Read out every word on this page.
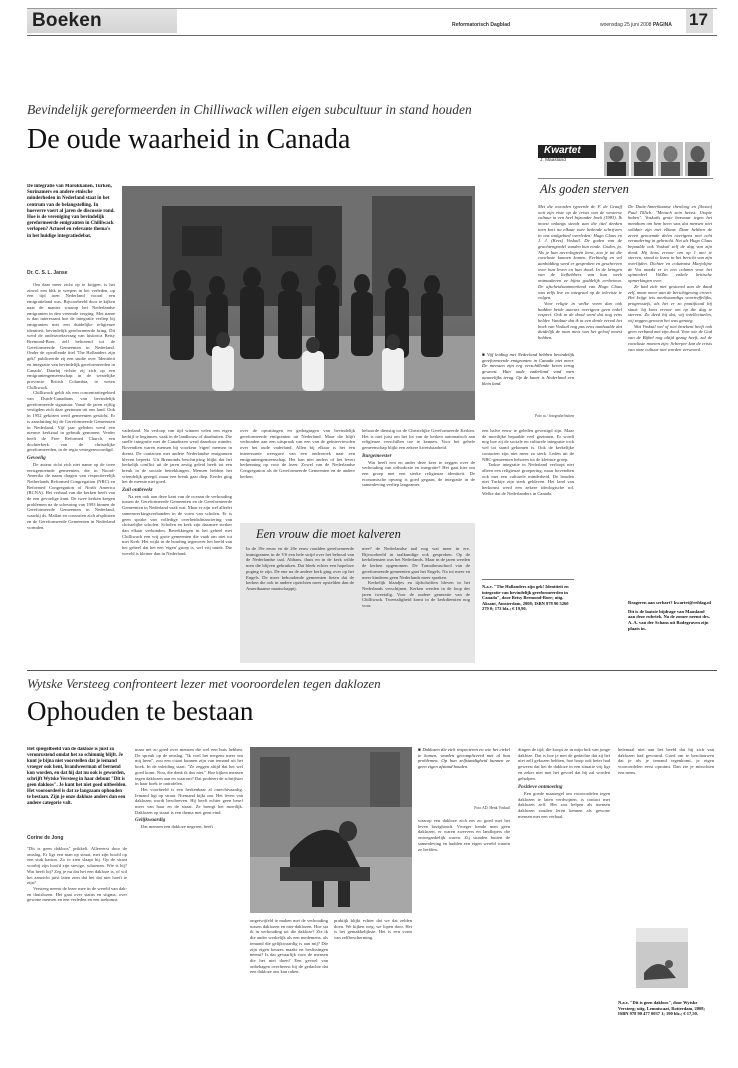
Boeken	Reformatorisch Dagblad	woensdag 25 juni 2008 PAGINA 17
Bevindelijk gereformeerden in Chilliwack willen eigen subcultuur in stand houden
De oude waarheid in Canada
De integratie van Marokkanen, Turken, Surinamers en andere etnische minderheden in Nederland staat in het centrum van de belangstelling. In hoeverre voert al jaren de discussie rond. Hoe is de vereniging van bevindelijk gereformeerde emigranten in Chilliwack verlopen? Actueel en relevante thema's in het huidige integratiedebat.
Dr. C. S. L. Janse

Om daar meer zicht op te krijgen, is het zinvol een blik te werpen in het verleden, op een tijd toen Nederland vooral een emigratieland was. Bijvoorbeeld door te kijken naar de manier waarop het Nederlandse emigranten in den vreemde verging. Met name is dan interessant hoe de integratie verliep bij emigranten met een duidelijke religieuze identiteit, bevindelijk gereformeerde kring. Dit werd de onderzoeksvraag van historica Betsy Bremond-Boer, zelf behorend tot de Gereformeerde Gemeenten in Nederland. Onder de opvallende titel 'The Hollanders zijn gek!' publiceerde zij een studie over 'Identiteit en integratie van bevindelijk gereformeerden in Canada'. Daarbij richtte zij zich op een emigrantengemeenschap in de westelijke provincie British Columbia, te weten Chilliwack.

Chilliwack geldt als een concentratiegebied van Dutch-Canadians van bevindelijk gereformeerde signatuur. Vanaf de jaren vijftig vestigden zich daar gezinnen uit ons land. Ook in 1952 gekozen werd gemeenten gesticht. Er is aansluiting bij de Gereformeerde Gemeenten in Nederland. Vijf jaar geleden werd een nieuwe kerkzaal in gebruik genomen. Verder heeft de Free Reformed Church, een dochterkerk van de christelijke gereformeerden, in de regio vertegenwoordigd.

Gevoelig

De auteur richt zich niet name op de twee eerstgenoemde gemeenten, die in Noord-Amerika de naam dragen van respectievelijk Netherlands Reformed Congregation (NRC) en Reformed Congregation of North America (RCNA). Het verhaal van die kerken heeft van de een gevoelige kant. De twee kerken kregen problemen na de scheuring van 1993 binnen de Gereformeerde Gemeenten in Nederland, waarbij ds. Mallan en consorten zich afsplitsten en de Gereformeerde Gemeenten in Nederland vormden.

■ Vijf leiding met Nederland hebben bevindelijk gereformeerde emigranten in Canada niet meer. De meesten zijn erg verschillende keren terug geweest. Hun oude vaderland vind men nauwelijks terug. Op de kaart is Nederland een klein land.
Foto at / fotografie buiten

vaderland. Na verloop van tijd winnen velen een eigen bedrijf te beginnen, vaak in de landbouw of daarbuiten. Die snelle integratie met de Canadezen werd daardoor minder. Bovendien waren mensen bij voorkeur 'eigen' mensen in dienst. De contacten met andere Nederlandse emigranten bleven beperkt. Uit Bremonds beschrijving blijkt dat het kerkelijk conflict uit de jaren zestig geleid heeft tot een breuk in de sociale betrekkingen. Mensen hebben het vriendelijk gezegd, maar een breuk gaat diep. Eerder ging het de meeste niet goed.

Zuil ontbreekt

Na een ook aan deze kant van de oceaan de verhouding tussen de Gereformeerde Gemeenten en de Gereformeerde Gemeenten in Nederland vaak wat. Maar er zijn wel allerlei samenwerkingsverbanden in de vorm van scholen. Er is geen sprake van volledige overheidsfinanciering van christelijke scholen. Scholen en kerk zijn daarmee sterker dan elkaar verbonden. Betrekkingen in het geheel met Chilliwack een vrij grote gemeenten die vaak om niet tot met Kerk. Het wijkt in de houding tegenover het beeld van het geheel dat het een 'eigen' groep is, wel vrij uniek. Die wereld is kleiner dan in Nederland.

over de opvattingen en gedragingen van bevindelijk gereformeerde emigranten uit Nederland. Maar die blijft verbonden aan een uitspraak van een van de geïnterviewden over het oude vaderland. Allen bij elkaar is het een interessante weergave van een onderzoek naar een emigrantengemeenschap. Het kan niet anders of het levert herkenning op voor de lezer. Zowel van de Nederlandse Congregation als de Gereformeerde Gemeenten en de andere kerken.

behoorde dienstig tot de Christelijke Gereformeerde Kerken. Het is niet juist om het lot van de kerken automatisch aan religieuze verschillen toe te kennen. Voor het gehele gemeenschap blijkt een zekere kwetsbaarheid.

Burgemeester

Wat heeft een en ander deze keer te zeggen over de verhouding van orthodoxie en integratie? Het gaat hier om een groep met een sterke religieuze identiteit. De economische opvang is goed gegaan, de integratie in de samenleving verliep langzamer.

Een vrouw die moet kalveren
In de 19e eeuw en de 20e eeuw rondden gereformeerde immigranten in de VS een hele strijd over het behoud van de Nederlandse taal. Althans, thuis en in de kerk wilde men die blijven gebruiken. Dat bleek echter een hopeloze poging te zijn. De ene na de andere kerk ging over op het Engels. De meer behoudende gemeenten lieten dat de kerken die ook in andere opzichten meer opstelden dan de Amerikaanse maatschappij.

mee? de Nederlandse taal nog wat meer in ere. Bijvoorbeeld in taalkundige ook gesproken. Op de kerkdiensten was het Nederlands. Maar in de jaren werden de kerken opgenomen. De Tomotheuschool van de gereformeerde gemeenten gaat het Engels. Na tot meer en meer kinderen geen Nederlands meer spraken.

Kerkelijk blaadjes en tijdschriften bleven in het Nederlands verschijnen. Kerken werden in de loop der jaren tweetalig. Voor de oudere generatie van de Chilliwack. Tweetaligheid komt in de kerkdiensten nog voor.

een halve eeuw te geleden gevestigd zijn. Maar de moeilijke bepaalde veel gezinnen. Er wordt nog hoe zij de sociale en culturele integratie toch wel tot stand gekomen is. Ook de kerkelijke contacten zijn niet meer zo sterk. Leden uit de NRC-gemeenten behoren tot de kleinste groep.

Tarkse integratie in Nederland verloopt niet alleen een religieuze groepering, maar bovendien ook met een culturele minderheid. De houden niet Turkije zijn sterk gebleven. Het land van herkomst werd een zekere ideologische rol. Welke dat de Nederlanders in Canada.

N.a.v. "The Hollanders zijn gek! Identiteit en integratie van bevindelijk gereformeerden in Canada", door Betsy Bremond-Boer; uitg. Aksant, Amsterdam, 2008; ISBN 978 90 5260 279 0; 173 blz.; € 19,90.
Kwartet
J. Maasland
Als goden sterven

Met die woorden typeerde dr. F. de Graaff ooit zijn visie op de crisis van de westerse cultuur in een heel bijzonder boek (1983). Ik moest onlangs steeds aan die titel denken toen kort na elkaar twee bekende schrijvers in ons taalgebied overleden: Hugo Claus en J. J. (Kees) Voskuil. De goden van de grachtengordel vanden hun einde. Goden, ja. Als je hun necrologieën leest, zou je tot die conclusie kunnen komen. Eerbiedig en vol aanbidding werd er gesproken en geschreven over hun leven en hun dood. In de kringen van de liefhebbers van hun werk ontmaskeren ze bijna goddelijk eerbetoon. De afscheidsaanmerkend van Hugo Claus was zelfs live en integraal op de televisie te volgen.

Voor religie in welke vorm dan ook hadden beide auteurs overigens geen enkel respect. Ook in de dood werd dat nog eens helder. Vandaar dat ik in een derde verval het boek van Voskuil nog pas eens aanhaalde dat duidelijk de man niets van het geloof moest hebben.

De Duits-Amerikaanse theoloog en filosoof Paul Tillich: "Mensch sein heisst: Utopie haben". Voskuils grote bezwaar tegen het mendiom om hem heen was dat mensen niet solidair zijn met elkaar. Daar hebben de zeven genoemde delen overigens niet echt verandering in gebracht. Net als Hugo Claus bepaalde ook Voskuil zelf de dag van zijn dood. Hij koos ervoor om op 1 mei te sterven, stond te lezen in het bericht van zijn overlijden. Dichter en columnist Marjolijne de Vos maakt er in een column voor het opiniedeel VolZin enkele kritische opmerkingen over.

Ze had zich niet gestoord aan de daad zelf, maar meer aan de berichtgeving erover. Het krijgt iets merkwaardigs voortreffelijks, progressiefs, als het er zo pontificaal bij staat: hij koos ervoor om op die dag te sterven. Zo deed hij dat, wij intellectuelen, wij zeggen gewoon het was genoeg.

Wat Voskuil wel of niet betekent heeft ook geen verband met zijn dood. Voor wie de God van de Bijbel nog altijd gezag heeft, zal de conclusie moeten zijn: Scherper kan de crisis van onze cultuur niet worden verwoord.

Reageren aan serbart? kwartet@refdag.nl

Dit is de laatste bijdrage van Maasland aan deze rubriek. Na de zomer neemt drs. A. A. van der Schans uit Bodegraven zijn plaats in.

Wytske Versteeg confronteert lezer met vooroordelen tegen daklozen
Ophouden te bestaan
Het spiegelbeeld van de dakloze is juist zo veronrustend omdat het zo schimmig blijft. Je kunt je bijna niet voorstellen dat je iemand vroeger ook bent, brandweerman of bernend kon worden, en dat hij dat nu ook is geworden, schrijft Wytske Versteeg in haar debuut "Dit is geen dakloos". Je kunt het niet goed uitbeelden. Het vooroordeel is dat ze langzaam ophouden te bestaan. Zijn je onze dakloze anders dan een andere categorie valt.
Corine de Jong

"Dit is geen dakloos" prikkelt. Allereerst door de omslag. Er ligt een man op straat, met zijn hoofd op een stuk karton. Zo te zien slaapt hij. Op de straat voorbij zijn hoofd zijn stevige, schoenen. Wie is hij? Wat heeft hij? Zeg je nu dat het een dakloze is, of wil het aanzicht juist laten zien dat het dat niet hoeft te zijn?

Versteeg neemt de lezer mee in de wereld van dak- en thuislozen. Het gaat over status en stigma, over gewone mensen en een verleden en een toekomst.

maar net zo goed over mensen die wel een huis hebben. De spreuk op de omslag, "Ik voel het nergens meer om mij heen", zou een citaat kunnen zijn van iemand uit het boek. In de inleiding staat: "Ze zeggen altijd dat het wel goed komt. Nou, die denk ik dus niet." Hoe kijken mensen tegen daklozen aan en waarom? Dat probeert de schrijfster in haar boek te ontrafelen.

Het voorbeeld is een herkenbaar al onrechtvaardig. Iemand ligt op straat. Niemand kijkt om. Het leven van daklozen wordt beschreven. Hij heeft echter geen besef meer van haar en de straat. Ze brengt het moeilijk. Daklozen op straat is een thema met geen eind.

Gelijkwaardig

Dat mensen een dakloze negeren, heeft

ongetwijfeld te maken met de verhouding tussen daklozen en niet-daklozen. Hoe sta ik in verhouding tot die dakloze? Zie ik die ander werkelijk als een medemens, als iemand die gelijkwaardig is aan mij? Die zijn eigen keuzes maakt en beslissingen neemt? Is dat gevaarlijk voor de mensen die het niet doen? Een gevoel van onbehagen overheerst bij de gedachte dat een dakloze ons kan raken.

praktijk blijkt echter dat we dat zelden doen. We kijken weg, we lopen door. Het is het gemakkelijkste. Het is een vorm van zelfbescherming.

■ Daklozen die zich respecteren en wie het cirkel te komen, worden gecompliceerd met al hun problemen. Op hun zelfstandigheid kunnen ze geen eigen afstand houden.
Foto AD, Henk Voskuil
waarop een dakloze zich net zo goed met het leven bezighoudt. Vroeger kende men geen daklozen, er waren zwervers en landlopers die ontoegankelijk waren. Zij stonden buiten de samenleving en hadden een eigen wereld waarin ze leefden.

dingen de tijd, die koopt ze in mijn hok van jonge dakloze. Dat is hoe je met de gedachte dat zij het niet zelf gekozen hebben, hoe hoop ook beter had geweest dat het de dakloze in een situatie vrij ligt en zeker niet met het gevoel dat hij zal worden geholpen.

Positieve ontmoeting

Een goede maatregel om vooroordelen tegen daklozen te laten verdwijnen, is contact met daklozen zelf. Het zou helpen als mensen daklozen zouden leren kennen als gewone mensen met een verhaal.

helemaal niet aan het beeld dat hij zich van daklozen had gevormd. Goed om te beschouwen dat je als je iemand tegenkomt, je eigen vooroordelen eerst opruimt. Dan zie je misschien een mens.
N.a.v. "Dit is geen dakloos", door Wytske Versteeg; uitg. Lemniscaat, Rotterdam, 2008; ISBN 978 90 477 0037 1; 190 blz.; € 17,50.
